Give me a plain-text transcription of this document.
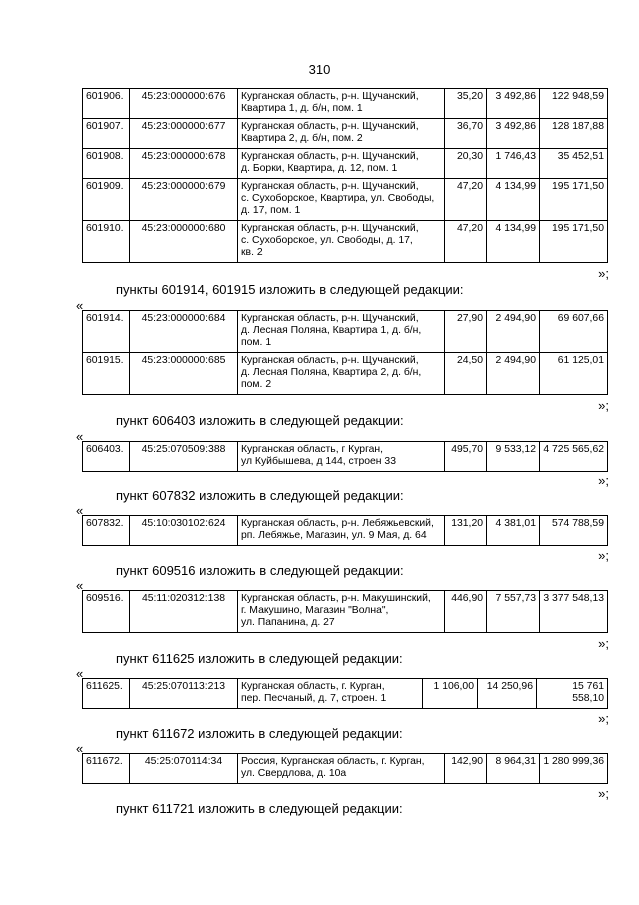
310
601906.	45:23:000000:676	Курганская область, р-н. Щучанский,
Квартира 1, д. б/н, пом. 1	35,20	3 492,86	122 948,59
601907.	45:23:000000:677	Курганская область, р-н. Щучанский,
Квартира 2, д. б/н, пом. 2	36,70	3 492,86	128 187,88
601908.	45:23:000000:678	Курганская область, р-н. Щучанский,
д. Борки, Квартира, д. 12, пом. 1	20,30	1 746,43	35 452,51
601909.	45:23:000000:679	Курганская область, р-н. Щучанский,
с. Сухоборское, Квартира, ул. Свободы,
д. 17, пом. 1	47,20	4 134,99	195 171,50
601910.	45:23:000000:680	Курганская область, р-н. Щучанский,
с. Сухоборское, ул. Свободы, д. 17,
кв. 2	47,20	4 134,99	195 171,50
»;
пункты 601914, 601915 изложить в следующей редакции:
«
601914.	45:23:000000:684	Курганская область, р-н. Щучанский,
д. Лесная Поляна, Квартира 1, д. б/н,
пом. 1	27,90	2 494,90	69 607,66
601915.	45:23:000000:685	Курганская область, р-н. Щучанский,
д. Лесная Поляна, Квартира 2, д. б/н,
пом. 2	24,50	2 494,90	61 125,01
»;
пункт 606403 изложить в следующей редакции:
«
606403.	45:25:070509:388	Курганская область, г Курган,
ул Куйбышева, д 144, строен 33	495,70	9 533,12	4 725 565,62
»;
пункт 607832 изложить в следующей редакции:
«
607832.	45:10:030102:624	Курганская область, р-н. Лебяжьевский,
рп. Лебяжье, Магазин, ул. 9 Мая, д. 64	131,20	4 381,01	574 788,59
»;
пункт 609516 изложить в следующей редакции:
«
609516.	45:11:020312:138	Курганская область, р-н. Макушинский,
г. Макушино, Магазин "Волна",
ул. Папанина, д. 27	446,90	7 557,73	3 377 548,13
»;
пункт 611625 изложить в следующей редакции:
«
611625.	45:25:070113:213	Курганская область, г. Курган,
пер. Песчаный, д. 7, строен. 1	1 106,00	14 250,96	15 761 558,10
»;
пункт 611672 изложить в следующей редакции:
«
611672.	45:25:070114:34	Россия, Курганская область, г. Курган,
ул. Свердлова, д. 10а	142,90	8 964,31	1 280 999,36
»;
пункт 611721 изложить в следующей редакции:
